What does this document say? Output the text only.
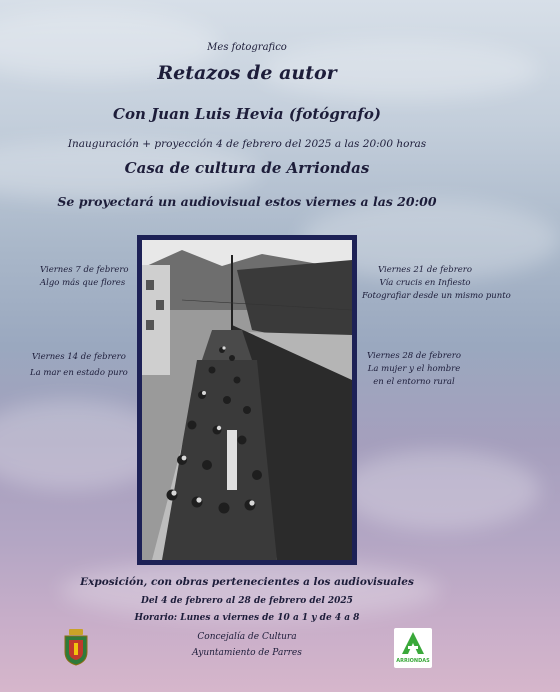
Mes fotografico
Retazos de autor
Con Juan Luis Hevia (fotógrafo)
Inauguración + proyección 4 de febrero del 2025 a las 20:00 horas
Casa de cultura de Arriondas
Se proyectará un audiovisual estos viernes a las 20:00
Viernes 7 de febrero
Algo más que flores
Viernes 14 de febrero
La mar en estado puro
Viernes 21 de febrero
Vía crucis en Infiesto
Fotografiar desde un mismo punto
Viernes 28 de febrero
La mujer y el hombre
en el entorno rural
Exposición, con obras pertenecientes a los audiovisuales
Del 4 de febrero al 28 de febrero del 2025
Horario: Lunes a viernes de 10 a 1 y de 4 a 8
Concejalía de Cultura
Ayuntamiento de Parres
ARRIONDAS
